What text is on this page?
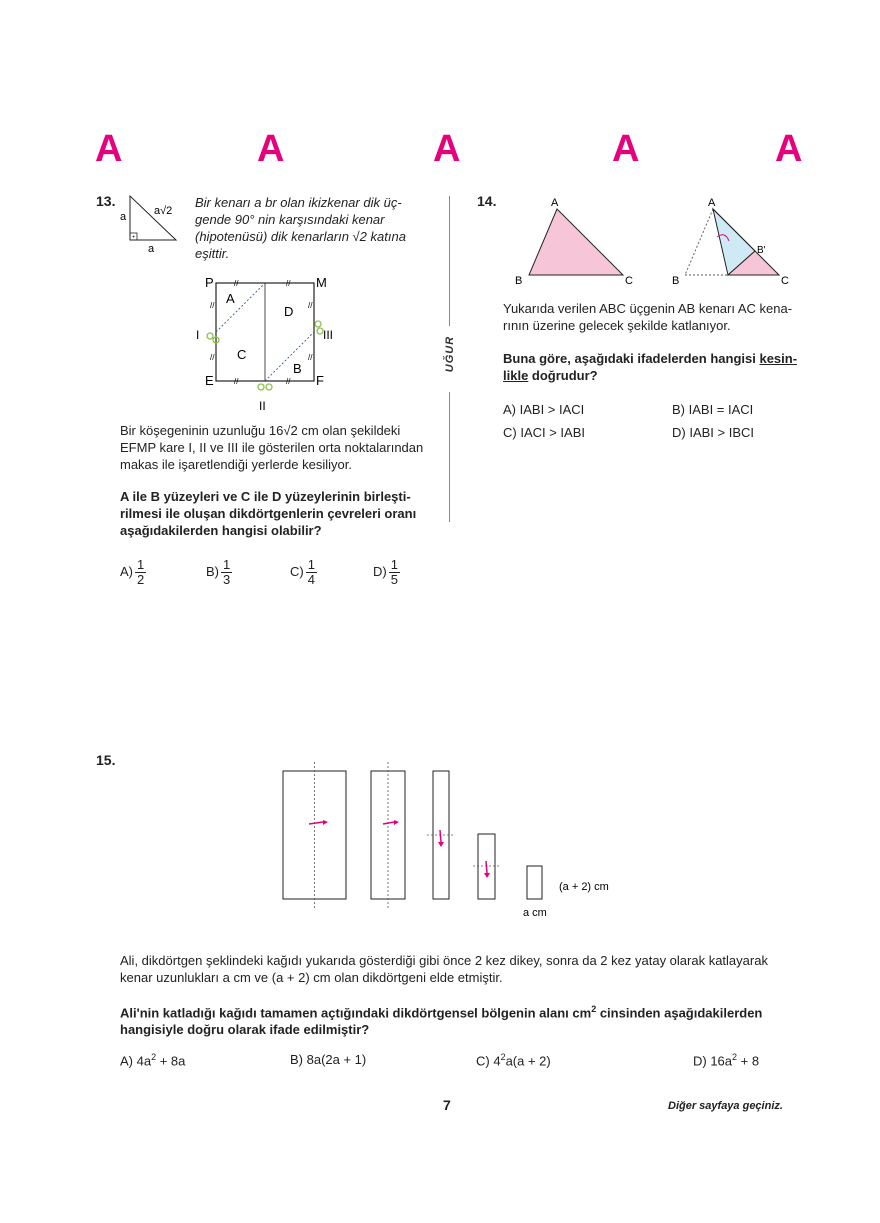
A	A	A	A	A
UĞUR
13.
a
a
a√2
Bir kenarı a br olan ikizkenar dik üç-
gende 90° nin karşısındaki kenar
(hipotenüsü) dik kenarların √2 katına
eşittir.
//	//
//	//
//
//
//
//
P	M
E	F
A
D
C
B
I
II
III
Bir köşegeninin uzunluğu 16√2 cm olan şekildeki
EFMP kare I, II ve III ile gösterilen orta noktalarından
makas ile işaretlendiği yerlerde kesiliyor.
A ile B yüzeyleri ve C ile D yüzeylerinin birleşti-
rilmesi ile oluşan dikdörtgenlerin çevreleri oranı
aşağıdakilerden hangisi olabilir?
$A) \frac{1}{2}$	$B) \frac{1}{3}$	$C) \frac{1}{4}$	$D) \frac{1}{5}$
14.	A
B	C
A
B	C
B'
Yukarıda verilen ABC üçgenin AB kenarı AC kena-
rının üzerine gelecek şekilde katlanıyor.
Buna göre, aşağıdaki ifadelerden hangisi kesin-
likle doğrudur?
A) IABI > IACI	B) IABI = IACI
C) IACI > IABI	D) IABI > IBCI
15.
(a + 2) cm
a cm
Ali, dikdörtgen şeklindeki kağıdı yukarıda gösterdiği gibi önce 2 kez dikey, sonra da 2 kez yatay olarak katlayarak
kenar uzunlukları a cm ve (a + 2) cm olan dikdörtgeni elde etmiştir.
Ali'nin katladığı kağıdı tamamen açtığındaki dikdörtgensel bölgenin alanı $cm^2$ cinsinden aşağıdakilerden
hangisiyle doğru olarak ifade edilmiştir?
A) $4a^2 + 8a$	B) 8a(2a + 1)	C) $4^2a(a + 2)$	D) $16a^2 + 8$
7	Diğer sayfaya geçiniz.
